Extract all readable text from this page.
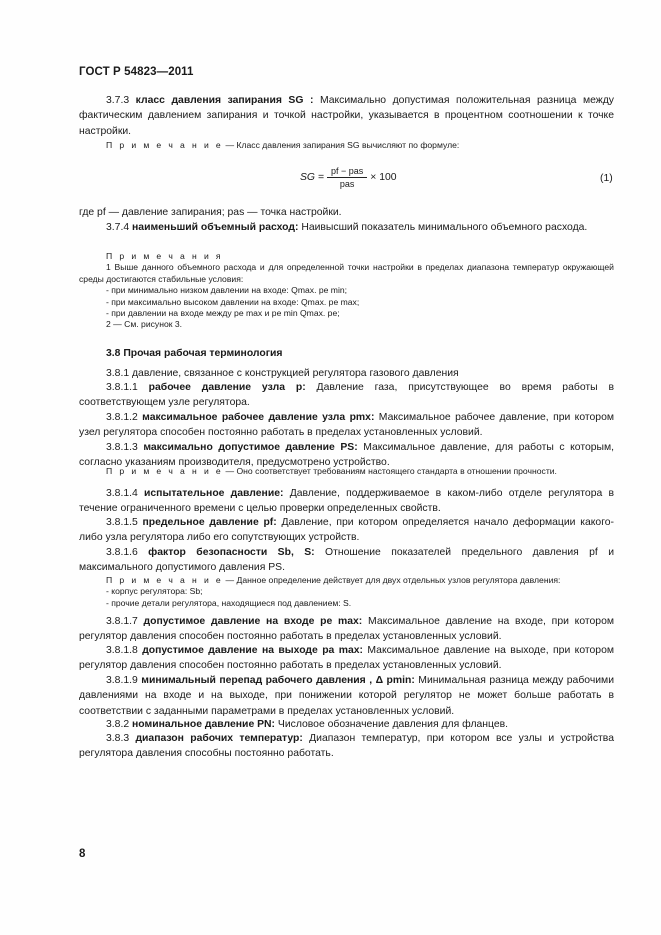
ГОСТ Р 54823—2011
3.7.3 класс давления запирания SG : Максимально допустимая положительная разница между фактическим давлением запирания и точкой настройки, указывается в процентном соотношении к точке настройки.
П р и м е ч а н и е — Класс давления запирания SG вычисляют по формуле:
SG = $\frac{\text{pf − pas}}{\text{pas}} \times 100$	(1)
где pf — давление запирания; pas — точка настройки.
3.7.4 наименьший объемный расход: Наивысший показатель минимального объемного расхода.
П р и м е ч а н и я
1 Выше данного объемного расхода и для определенной точки настройки в пределах диапазона температур окружающей среды достигаются стабильные условия:
- при минимально низком давлении на входе: Qmax. pe min;
- при максимально высоком давлении на входе: Qmax. pe max;
- при давлении на входе между pe max и pe min Qmax. pe;
2 — См. рисунок 3.
3.8 Прочая рабочая терминология
3.8.1 давление, связанное с конструкцией регулятора газового давления
3.8.1.1 рабочее давление узла p: Давление газа, присутствующее во время работы в соответствующем узле регулятора.
3.8.1.2 максимальное рабочее давление узла pmx: Максимальное рабочее давление, при котором узел регулятора способен постоянно работать в пределах установленных условий.
3.8.1.3 максимально допустимое давление PS: Максимальное давление, для работы с которым, согласно указаниям производителя, предусмотрено устройство.
П р и м е ч а н и е — Оно соответствует требованиям настоящего стандарта в отношении прочности.
3.8.1.4 испытательное давление: Давление, поддерживаемое в каком-либо отделе регулятора в течение ограниченного времени с целью проверки определенных свойств.
3.8.1.5 предельное давление pf: Давление, при котором определяется начало деформации какого-либо узла регулятора либо его сопутствующих устройств.
3.8.1.6 фактор безопасности Sb, S: Отношение показателей предельного давления pf и максимального допустимого давления PS.
П р и м е ч а н и е — Данное определение действует для двух отдельных узлов регулятора давления:
- корпус регулятора: Sb;
- прочие детали регулятора, находящиеся под давлением: S.
3.8.1.7 допустимое давление на входе pe max: Максимальное давление на входе, при котором регулятор давления способен постоянно работать в пределах установленных условий.
3.8.1.8 допустимое давление на выходе pa max: Максимальное давление на выходе, при котором регулятор давления способен постоянно работать в пределах установленных условий.
3.8.1.9 минимальный перепад рабочего давления , Δ pmin: Минимальная разница между рабочими давлениями на входе и на выходе, при понижении которой регулятор не может больше работать в соответствии с заданными параметрами в пределах установленных условий.
3.8.2 номинальное давление PN: Числовое обозначение давления для фланцев.
3.8.3 диапазон рабочих температур: Диапазон температур, при котором все узлы и устройства регулятора давления способны постоянно работать.
8
